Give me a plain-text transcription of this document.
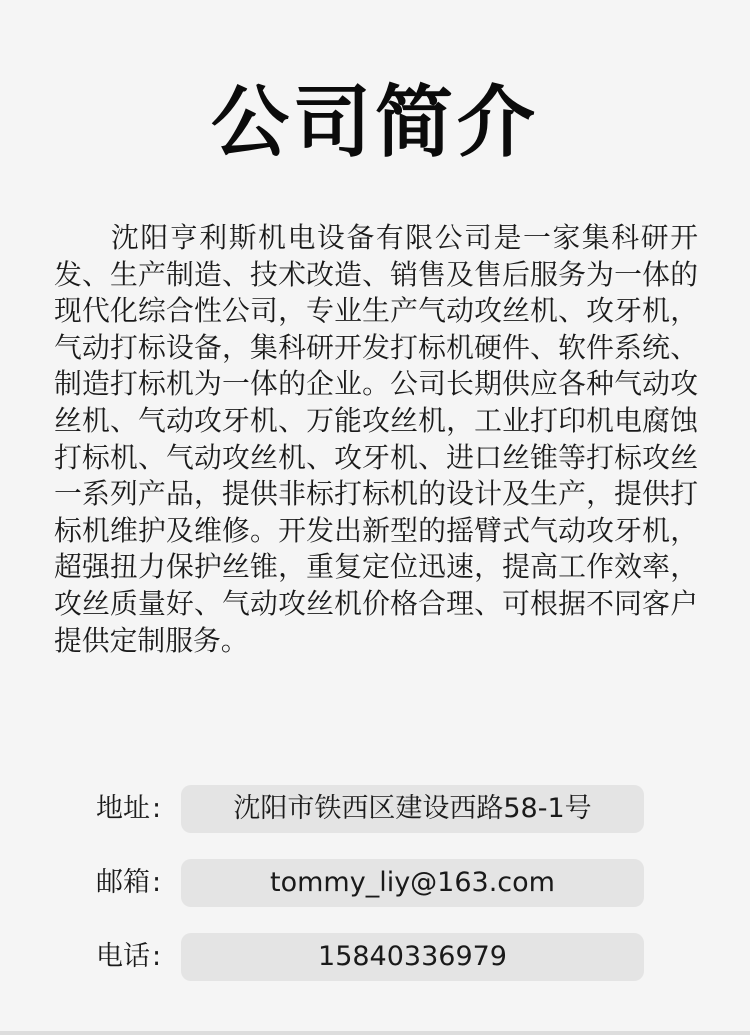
公司简介

沈阳亨利斯机电设备有限公司是一家集科研开发、生产制造、技术改造、销售及售后服务为一体的现代化综合性公司，专业生产气动攻丝机、攻牙机，气动打标设备，集科研开发打标机硬件、软件系统、制造打标机为一体的企业。公司长期供应各种气动攻丝机、气动攻牙机、万能攻丝机，工业打印机电腐蚀打标机、气动攻丝机、攻牙机、进口丝锥等打标攻丝一系列产品，提供非标打标机的设计及生产，提供打标机维护及维修。开发出新型的摇臂式气动攻牙机，超强扭力保护丝锥，重复定位迅速，提高工作效率，攻丝质量好、气动攻丝机价格合理、可根据不同客户提供定制服务。

地址 :	沈阳市铁西区建设西路58-1号
邮箱 :	tommy_liy@163.com
电话 :	15840336979
